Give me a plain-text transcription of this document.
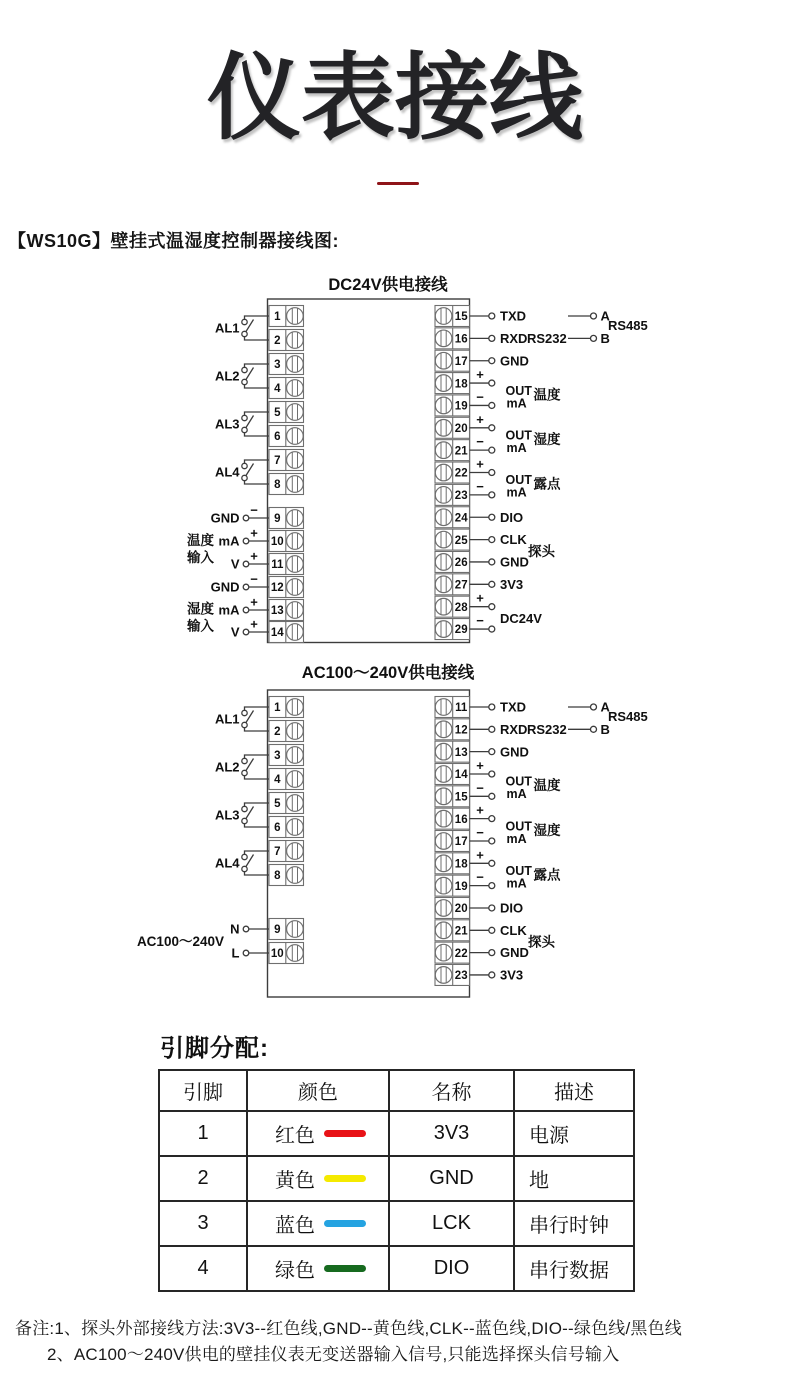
仪表接线
【WS10G】壁挂式温湿度控制器接线图:
DC24V供电接线
1
2
AL1
3
4
AL2
5
6
AL3
7
8
AL4
9
GND
−
10
mA
+
11
V
+
12
GND
−
13
mA
+
14
V
+
温度
输入
湿度
输入
15 TXD
16 RXD RS232
17 GND
18
+
19
− OUT
mA
温度
20
+
21
− OUT
mA
湿度
22
+
23
− OUT
mA
露点
24 DIO
25 CLK
26 GND
探头
27 3V3
28
+
29
− DC24V
A
B
RS485
AC100～240V供电接线
1
2
AL1
3
4
AL2
5
6
AL3
7
8
AL4
9
N
10
L
AC100～240V
11	TXD
12 RXD RS232
13 GND
14
+
15
− OUT
mA
温度
16
+
17
− OUT
mA
湿度
18
+
19
− OUT
mA
露点
20 DIO
21 CLK
22 GND
探头
23 3V3
A
B
RS485
引脚分配:
引脚	颜色	名称	描述
1	红色	3V3	电源
2	黄色	GND	地
3	蓝色	LCK	串行时钟
4	绿色	DIO	串行数据
备注:1、探头外部接线方法:3V3--红色线,GND--黄色线,CLK--蓝色线,DIO--绿色线/黑色线
2、AC100～240V供电的壁挂仪表无变送器输入信号,只能选择探头信号输入
